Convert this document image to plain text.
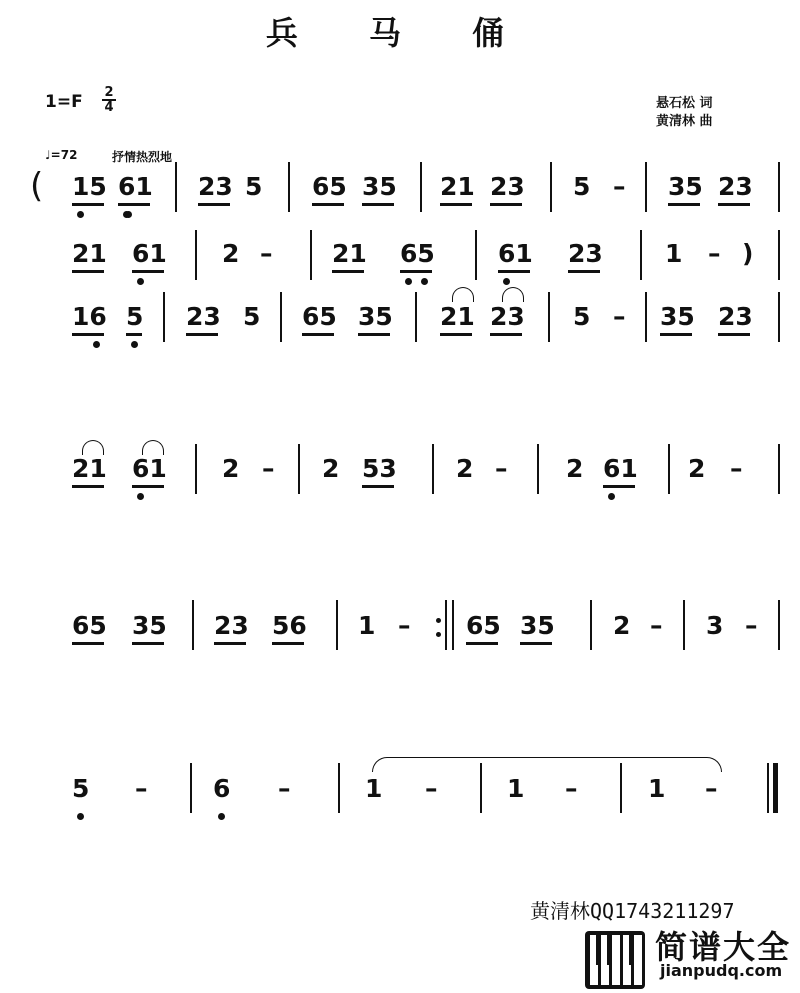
兵 马 俑
1=F 2
4	悬石松 词
黄清林 曲
♩=72	抒情热烈地
( 15 61 23 5 65 35 21 23 5 – 35 23
21 61 2 – 21 65	61 23 1 – )
16 5 23 5 65 35 21 23 5 – 35 23
21 61 2 – 2 53 2 – 2 61 2 –
65 35 23 56 1 – 65 35 2 – 3 –
5 –	6 –	1 –	1 –	1 –
黄清林QQ1743211297
简谱大全
jianpudq.com
